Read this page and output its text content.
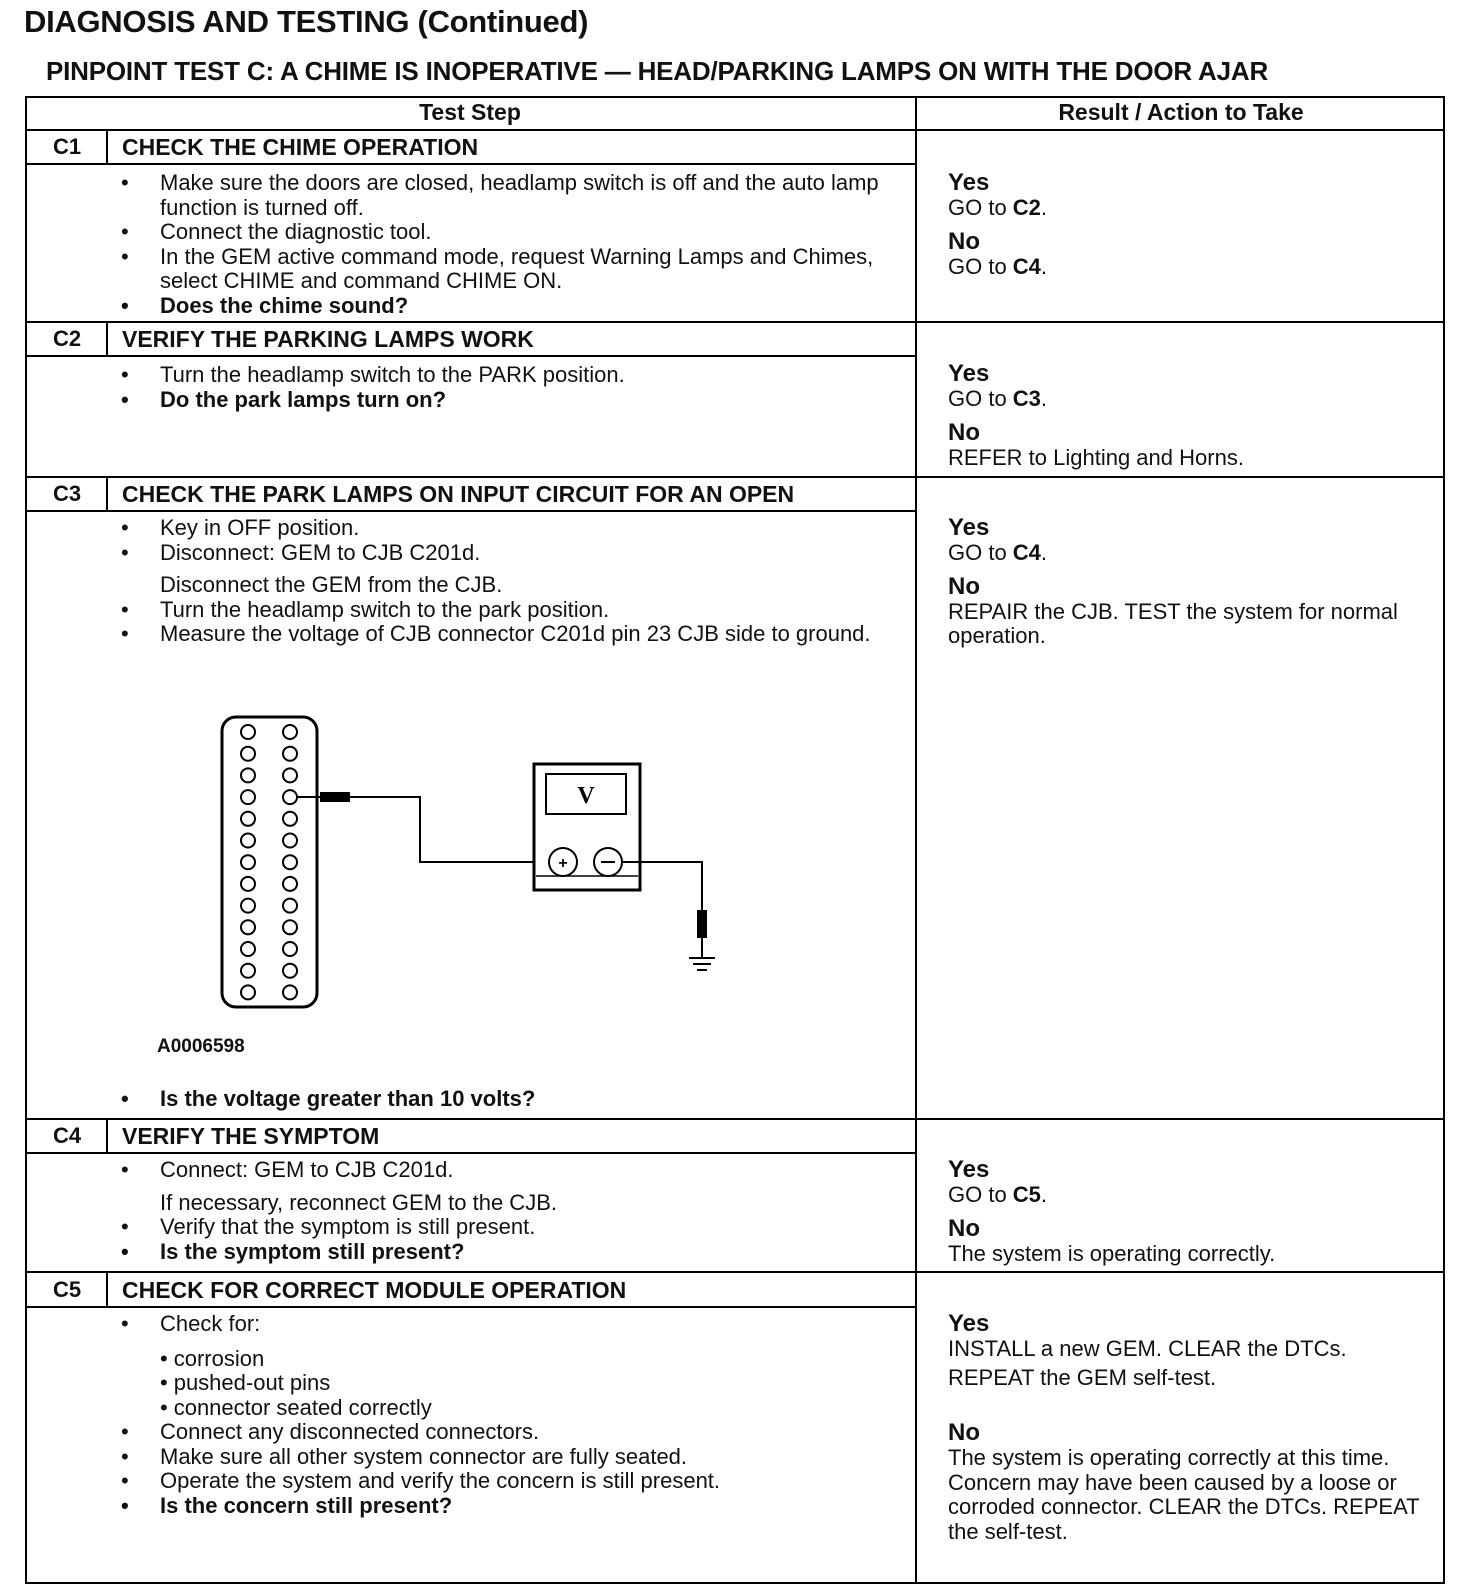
DIAGNOSIS AND TESTING (Continued)
PINPOINT TEST C: A CHIME IS INOPERATIVE — HEAD/PARKING LAMPS ON WITH THE DOOR AJAR
Test Step	Result / Action to Take
C1	CHECK THE CHIME OPERATION
• Make sure the doors are closed, headlamp switch is off and the auto lamp function is turned off.
• Connect the diagnostic tool.
• In the GEM active command mode, request Warning Lamps and Chimes, select CHIME and command CHIME ON.
• Does the chime sound?
Yes
GO to C2.
No
GO to C4.
C2	VERIFY THE PARKING LAMPS WORK
• Turn the headlamp switch to the PARK position.
• Do the park lamps turn on?
Yes
GO to C3.
No
REFER to Lighting and Horns.
C3	CHECK THE PARK LAMPS ON INPUT CIRCUIT FOR AN OPEN
• Key in OFF position.
• Disconnect: GEM to CJB C201d.
Disconnect the GEM from the CJB.
• Turn the headlamp switch to the park position.
• Measure the voltage of CJB connector C201d pin 23 CJB side to ground.
V
+
A0006598
• Is the voltage greater than 10 volts?
Yes
GO to C4.
No
REPAIR the CJB. TEST the system for normal operation.
C4	VERIFY THE SYMPTOM
• Connect: GEM to CJB C201d.
If necessary, reconnect GEM to the CJB.
• Verify that the symptom is still present.
• Is the symptom still present?
Yes
GO to C5.
No
The system is operating correctly.
C5	CHECK FOR CORRECT MODULE OPERATION
• Check for:
• corrosion
• pushed-out pins
• connector seated correctly
• Connect any disconnected connectors.
• Make sure all other system connector are fully seated.
• Operate the system and verify the concern is still present.
• Is the concern still present?
Yes
INSTALL a new GEM. CLEAR the DTCs.
REPEAT the GEM self-test.
No
The system is operating correctly at this time. Concern may have been caused by a loose or corroded connector. CLEAR the DTCs. REPEAT the self-test.
